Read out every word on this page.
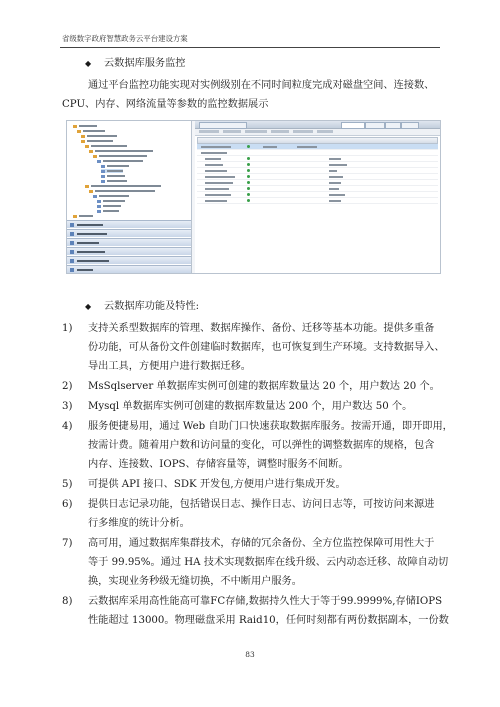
省级数字政府智慧政务云平台建设方案
◆ 云数据库服务监控
通过平台监控功能实现对实例级别在不同时间粒度完成对磁盘空间、连接数、
CPU、内存、网络流量等参数的监控数据展示
◆ 云数据库功能及特性:
1) 支持关系型数据库的管理、数据库操作、备份、迁移等基本功能。提供多重备
份功能，可从备份文件创建临时数据库，也可恢复到生产环境。支持数据导入、
导出工具，方便用户进行数据迁移。
2) MsSqlserver 单数据库实例可创建的数据库数量达 20 个，用户数达 20 个。
3) Mysql 单数据库实例可创建的数据库数量达 200 个，用户数达 50 个。
4) 服务便捷易用，通过 Web 自助门口快速获取数据库服务。按需开通，即开即用，
按需计费。随着用户数和访问量的变化，可以弹性的调整数据库的规格，包含
内存、连接数、IOPS、存储容量等，调整时服务不间断。
5) 可提供 API 接口、SDK 开发包,方便用户进行集成开发。
6) 提供日志记录功能，包括错误日志、操作日志、访问日志等，可按访问来源进
行多维度的统计分析。
7) 高可用，通过数据库集群技术，存储的冗余备份、全方位监控保障可用性大于
等于 99.95%。通过 HA 技术实现数据库在线升级、云内动态迁移、故障自动切
换，实现业务秒级无缝切换，不中断用户服务。
8) 云数据库采用高性能高可靠FC存储,数据持久性大于等于99.9999%,存储IOPS
性能超过 13000。物理磁盘采用 Raid10，任何时刻都有两份数据副本，一份数
83
